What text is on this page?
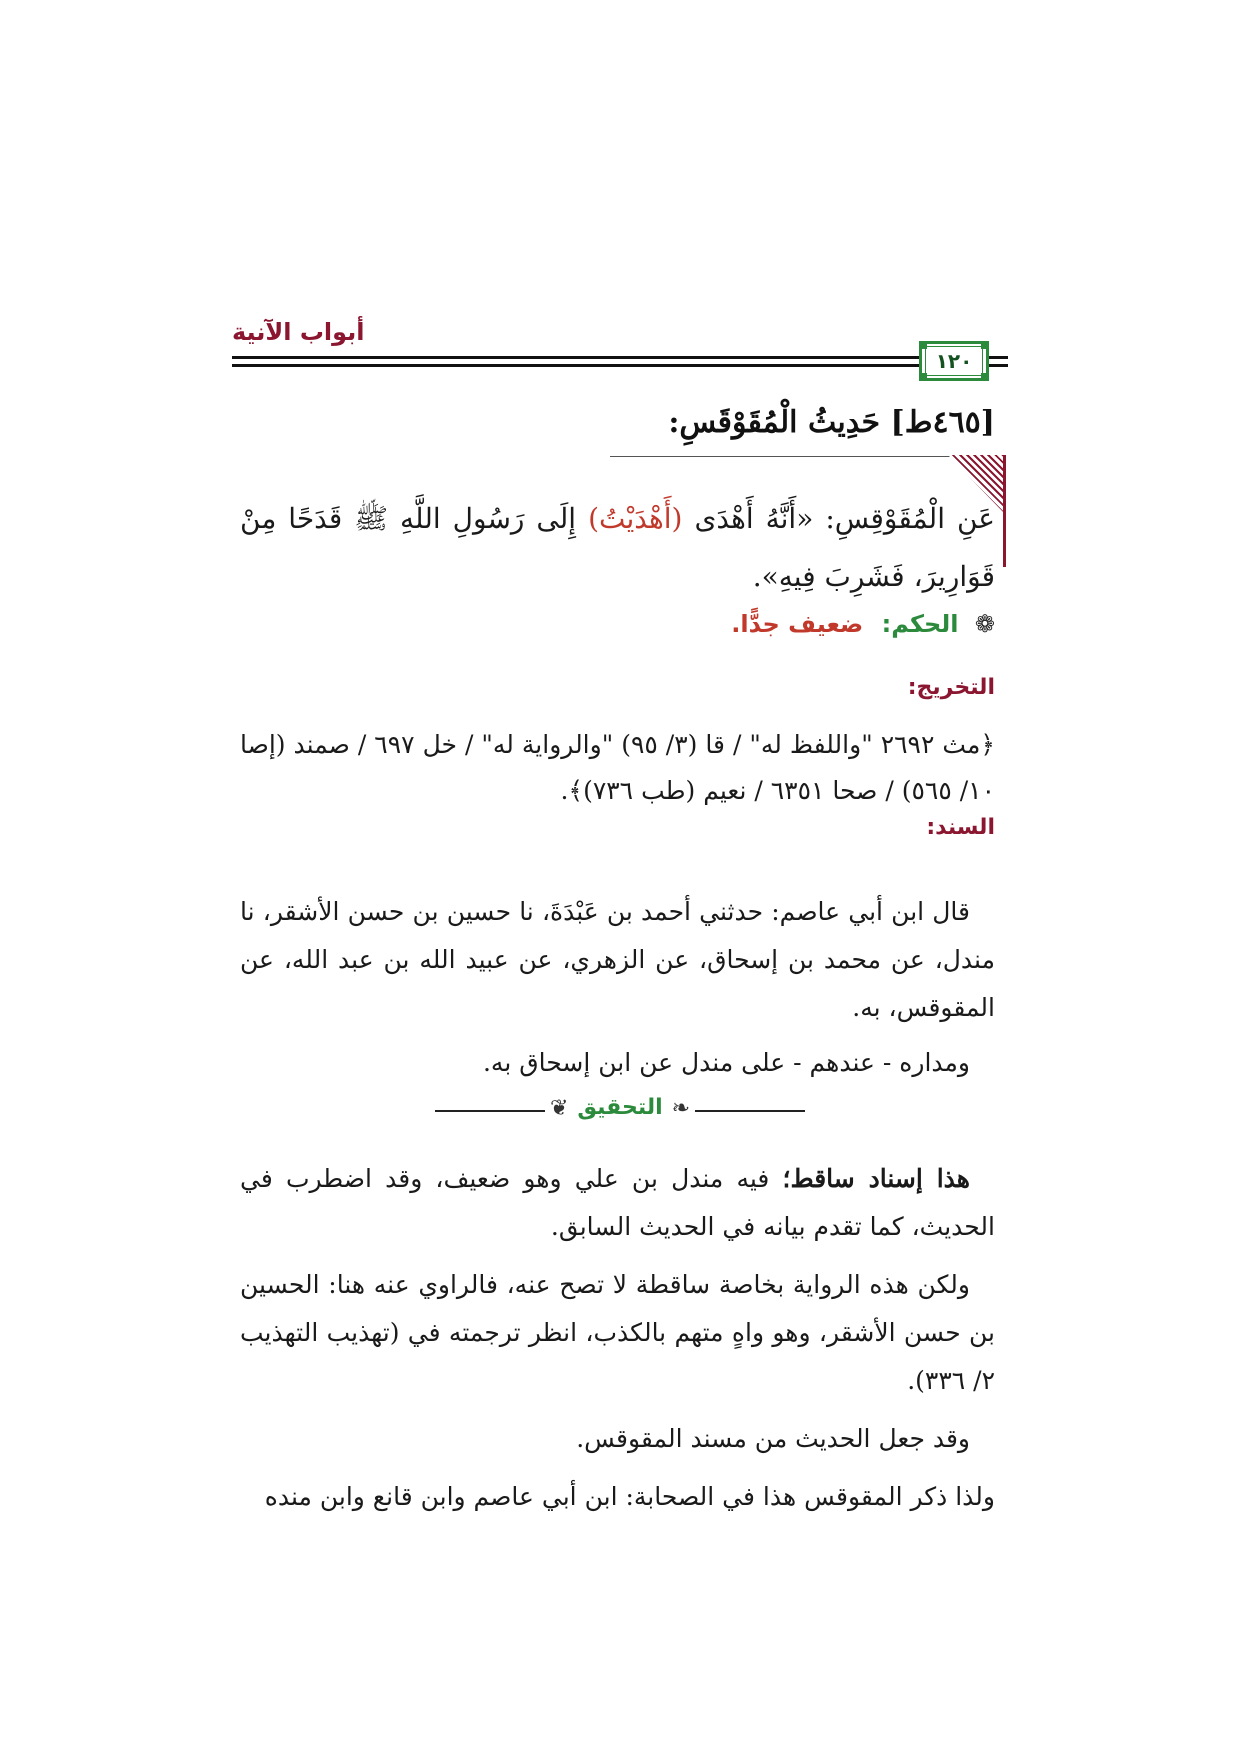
أبواب الآنية
١٢٠
[٤٦٥ط] حَدِيثُ الْمُقَوْقَسِ:
عَنِ الْمُقَوْقِسِ: «أَنَّهُ أَهْدَى (أَهْدَيْتُ) إِلَى رَسُولِ اللَّهِ ﷺ قَدَحًا مِنْ قَوَارِيرَ، فَشَرِبَ فِيهِ».
❁ الحكم: ضعيف جدًّا.
التخريج:
﴿مث ٢٦٩٢ "واللفظ له" / قا (٣/ ٩٥) "والرواية له" / خل ٦٩٧ / صمند (إصا ١٠/ ٥٦٥) / صحا ٦٣٥١ / نعيم (طب ٧٣٦)﴾.
السند:
قال ابن أبي عاصم: حدثني أحمد بن عَبْدَةَ، نا حسين بن حسن الأشقر، نا مندل، عن محمد بن إسحاق، عن الزهري، عن عبيد الله بن عبد الله، عن المقوقس، به.
ومداره - عندهم - على مندل عن ابن إسحاق به.
❦	❧
التحقيق

هذا إسناد ساقط؛ فيه مندل بن علي وهو ضعيف، وقد اضطرب في الحديث، كما تقدم بيانه في الحديث السابق.

ولكن هذه الرواية بخاصة ساقطة لا تصح عنه، فالراوي عنه هنا: الحسين بن حسن الأشقر، وهو واهٍ متهم بالكذب، انظر ترجمته في (تهذيب التهذيب ٢/ ٣٣٦).

وقد جعل الحديث من مسند المقوقس.

ولذا ذكر المقوقس هذا في الصحابة: ابن أبي عاصم وابن قانع وابن منده
